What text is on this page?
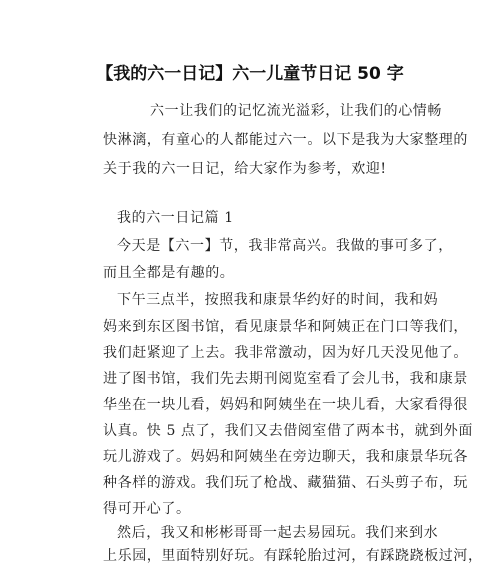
【我的六一日记】六一儿童节日记 50 字
六一让我们的记忆流光溢彩，让我们的心情畅
快淋漓，有童心的人都能过六一。以下是我为大家整理的
关于我的六一日记，给大家作为参考，欢迎!
我的六一日记篇 1
今天是【六一】节，我非常高兴。我做的事可多了，
而且全都是有趣的。
下午三点半，按照我和康景华约好的时间，我和妈
妈来到东区图书馆，看见康景华和阿姨正在门口等我们，
我们赶紧迎了上去。我非常激动，因为好几天没见他了。
进了图书馆，我们先去期刊阅览室看了会儿书，我和康景
华坐在一块儿看，妈妈和阿姨坐在一块儿看，大家看得很
认真。快 5 点了，我们又去借阅室借了两本书，就到外面
玩儿游戏了。妈妈和阿姨坐在旁边聊天，我和康景华玩各
种各样的游戏。我们玩了枪战、藏猫猫、石头剪子布，玩
得可开心了。
然后，我又和彬彬哥哥一起去易园玩。我们来到水
上乐园，里面特别好玩。有踩轮胎过河，有踩跷跷板过河，
